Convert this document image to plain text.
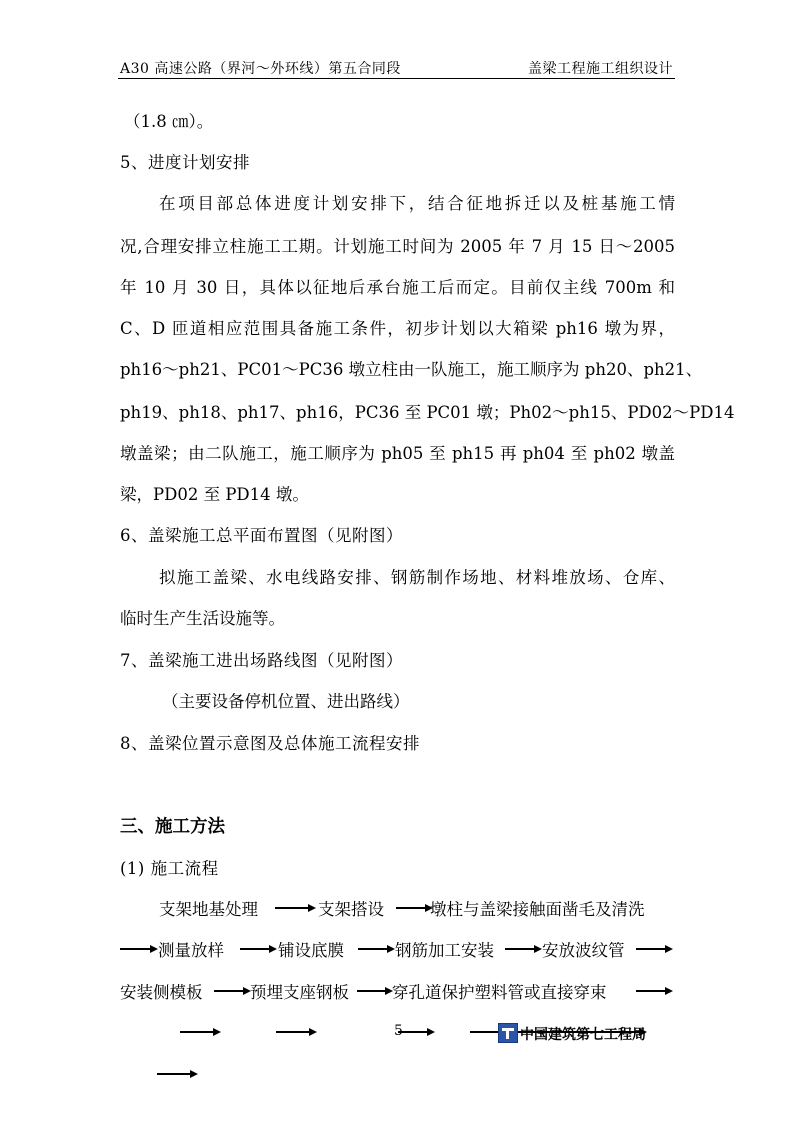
A30 高速公路（界河～外环线）第五合同段	盖梁工程施工组织设计
（1.8 ㎝）。
5、进度计划安排
在项目部总体进度计划安排下，结合征地拆迁以及桩基施工情
况,合理安排立柱施工工期。计划施工时间为 2005 年 7 月 15 日～2005
年 10 月 30 日，具体以征地后承台施工后而定。目前仅主线 700m 和
C、D 匝道相应范围具备施工条件，初步计划以大箱梁 ph16 墩为界，
ph16～ph21、PC01～PC36 墩立柱由一队施工，施工顺序为 ph20、ph21、
ph19、ph18、ph17、ph16，PC36 至 PC01 墩；Ph02～ph15、PD02～PD14
墩盖梁；由二队施工，施工顺序为 ph05 至 ph15 再 ph04 至 ph02 墩盖
梁，PD02 至 PD14 墩。
6、盖梁施工总平面布置图（见附图）
拟施工盖梁、水电线路安排、钢筋制作场地、材料堆放场、仓库、
临时生产生活设施等。
7、盖梁施工进出场路线图（见附图）
（主要设备停机位置、进出路线）
8、盖梁位置示意图及总体施工流程安排
三、施工方法
(1) 施工流程
支架地基处理	支架搭设	墩柱与盖梁接触面凿毛及清洗
测量放样	铺设底膜	钢筋加工安装	安放波纹管
安装侧模板	预埋支座钢板	穿孔道保护塑料管或直接穿束
5	中国建筑第七工程局
